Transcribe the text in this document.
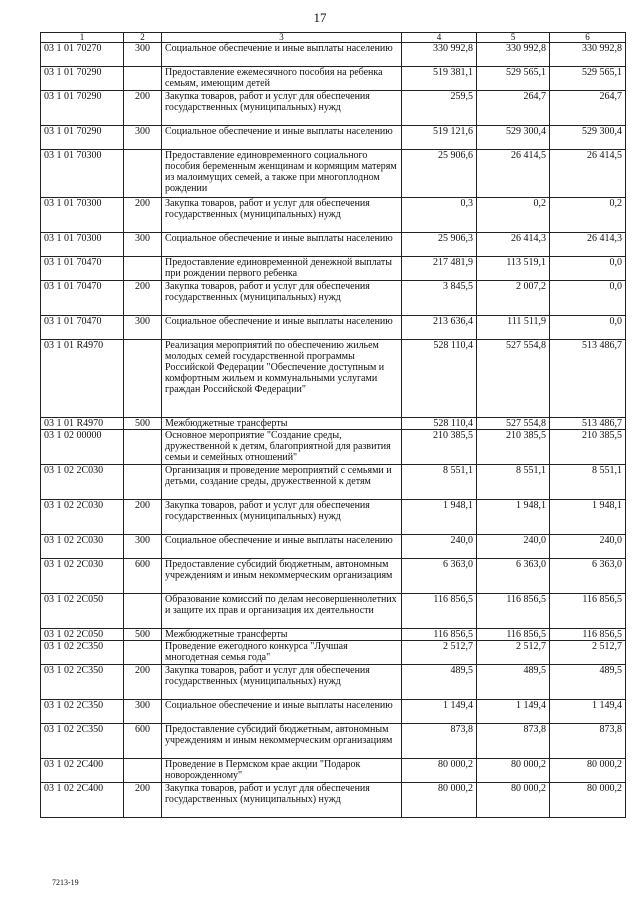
17
1	2	3	4	5	6
03 1 01 70270	300	Социальное обеспечение и иные выплаты населению	330 992,8	330 992,8	330 992,8
03 1 01 70290		Предоставление ежемесячного пособия на ребенка семьям, имеющим детей	519 381,1	529 565,1	529 565,1
03 1 01 70290	200	Закупка товаров, работ и услуг для обеспечения государственных (муниципальных) нужд	259,5	264,7	264,7
03 1 01 70290	300	Социальное обеспечение и иные выплаты населению	519 121,6	529 300,4	529 300,4
03 1 01 70300		Предоставление единовременного социального пособия беременным женщинам и кормящим матерям из малоимущих семей, а также при многоплодном рождении	25 906,6	26 414,5	26 414,5
03 1 01 70300	200	Закупка товаров, работ и услуг для обеспечения государственных (муниципальных) нужд	0,3	0,2	0,2
03 1 01 70300	300	Социальное обеспечение и иные выплаты населению	25 906,3	26 414,3	26 414,3
03 1 01 70470		Предоставление единовременной денежной выплаты при рождении первого ребенка	217 481,9	113 519,1	0,0
03 1 01 70470	200	Закупка товаров, работ и услуг для обеспечения государственных (муниципальных) нужд	3 845,5	2 007,2	0,0
03 1 01 70470	300	Социальное обеспечение и иные выплаты населению	213 636,4	111 511,9	0,0
03 1 01 R4970		Реализация мероприятий по обеспечению жильем молодых семей государственной программы Российской Федерации "Обеспечение доступным и комфортным жильем и коммунальными услугами граждан Российской Федерации"	528 110,4	527 554,8	513 486,7
03 1 01 R4970	500	Межбюджетные трансферты	528 110,4	527 554,8	513 486,7
03 1 02 00000		Основное мероприятие "Создание среды, дружественной к детям, благоприятной для развития семьи и семейных отношений"	210 385,5	210 385,5	210 385,5
03 1 02 2С030		Организация и проведение мероприятий с семьями и детьми, создание среды, дружественной к детям	8 551,1	8 551,1	8 551,1
03 1 02 2С030	200	Закупка товаров, работ и услуг для обеспечения государственных (муниципальных) нужд	1 948,1	1 948,1	1 948,1
03 1 02 2С030	300	Социальное обеспечение и иные выплаты населению	240,0	240,0	240,0
03 1 02 2С030	600	Предоставление субсидий бюджетным, автономным учреждениям и иным некоммерческим организациям	6 363,0	6 363,0	6 363,0
03 1 02 2С050		Образование комиссий по делам несовершеннолетних и защите их прав и организация их деятельности	116 856,5	116 856,5	116 856,5
03 1 02 2С050	500	Межбюджетные трансферты	116 856,5	116 856,5	116 856,5
03 1 02 2С350		Проведение ежегодного конкурса "Лучшая многодетная семья года"	2 512,7	2 512,7	2 512,7
03 1 02 2С350	200	Закупка товаров, работ и услуг для обеспечения государственных (муниципальных) нужд	489,5	489,5	489,5
03 1 02 2С350	300	Социальное обеспечение и иные выплаты населению	1 149,4	1 149,4	1 149,4
03 1 02 2С350	600	Предоставление субсидий бюджетным, автономным учреждениям и иным некоммерческим организациям	873,8	873,8	873,8
03 1 02 2С400		Проведение в Пермском крае акции "Подарок новорожденному"	80 000,2	80 000,2	80 000,2
03 1 02 2С400	200	Закупка товаров, работ и услуг для обеспечения государственных (муниципальных) нужд	80 000,2	80 000,2	80 000,2
7213-19
